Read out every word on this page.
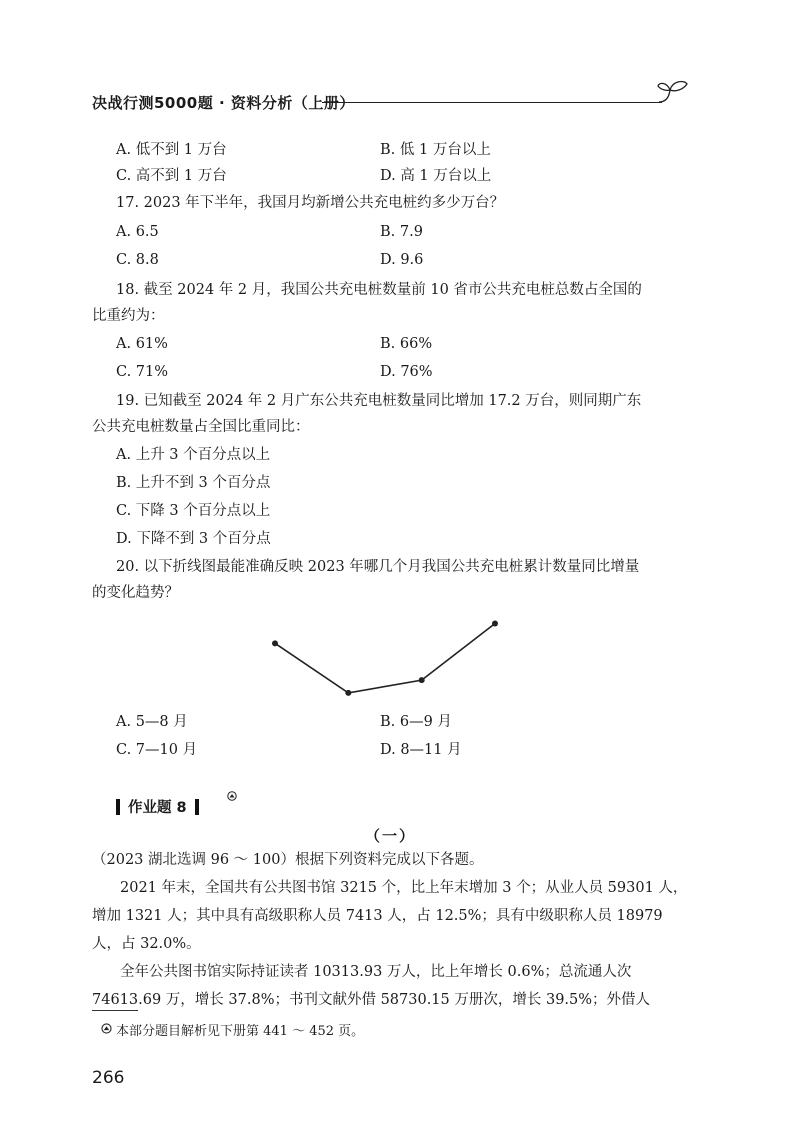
决战行测5000题 · 资料分析（上册）
A. 低不到 1 万台	B. 低 1 万台以上
C. 高不到 1 万台	D. 高 1 万台以上
17. 2023 年下半年，我国月均新增公共充电桩约多少万台？
A. 6.5	B. 7.9
C. 8.8	D. 9.6
18. 截至 2024 年 2 月，我国公共充电桩数量前 10 省市公共充电桩总数占全国的
比重约为：
A. 61%	B. 66%
C. 71%	D. 76%
19. 已知截至 2024 年 2 月广东公共充电桩数量同比增加 17.2 万台，则同期广东
公共充电桩数量占全国比重同比：
A. 上升 3 个百分点以上
B. 上升不到 3 个百分点
C. 下降 3 个百分点以上
D. 下降不到 3 个百分点
20. 以下折线图最能准确反映 2023 年哪几个月我国公共充电桩累计数量同比增量
的变化趋势？
A. 5—8 月	B. 6—9 月
C. 7—10 月	D. 8—11 月
作业题 8
（一）
（2023 湖北选调 96 ～ 100）根据下列资料完成以下各题。
2021 年末，全国共有公共图书馆 3215 个，比上年末增加 3 个；从业人员 59301 人，增加 1321 人；其中具有高级职称人员 7413 人，占 12.5%；具有中级职称人员 18979 人，占 32.0%。
全年公共图书馆实际持证读者 10313.93 万人，比上年增长 0.6%；总流通人次 74613.69 万，增长 37.8%；书刊文献外借 58730.15 万册次，增长 39.5%；外借人
本部分题目解析见下册第 441 ～ 452 页。
266
